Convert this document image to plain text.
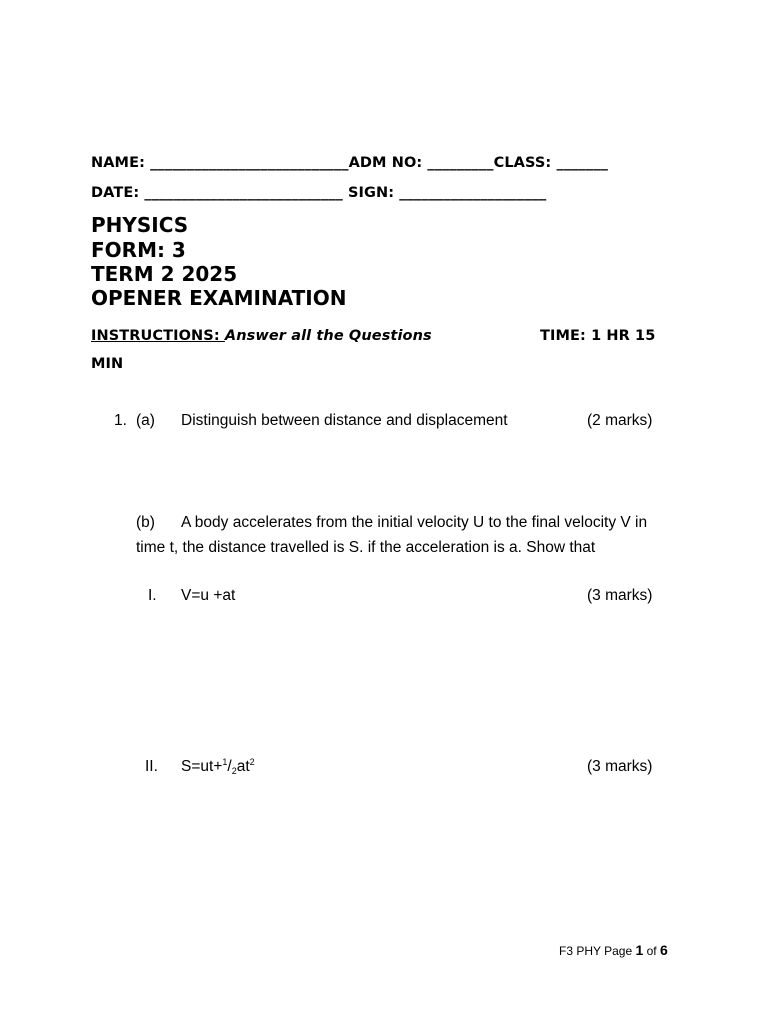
NAME: ___________________________ADM NO: _________CLASS: _______
DATE: ___________________________ SIGN: ____________________
PHYSICS
FORM: 3
TERM 2 2025
OPENER EXAMINATION
INSTRUCTIONS: Answer all the Questions	TIME: 1 HR 15
MIN
1. (a) Distinguish between distance and displacement	(2 marks)
(b) A body accelerates from the initial velocity U to the final velocity V in
time t, the distance travelled is S. if the acceleration is a. Show that
I. V=u +at	(3 marks)
II. $S=ut+^1/_2at^2$	(3 marks)
F3 PHY Page 1 of 6
